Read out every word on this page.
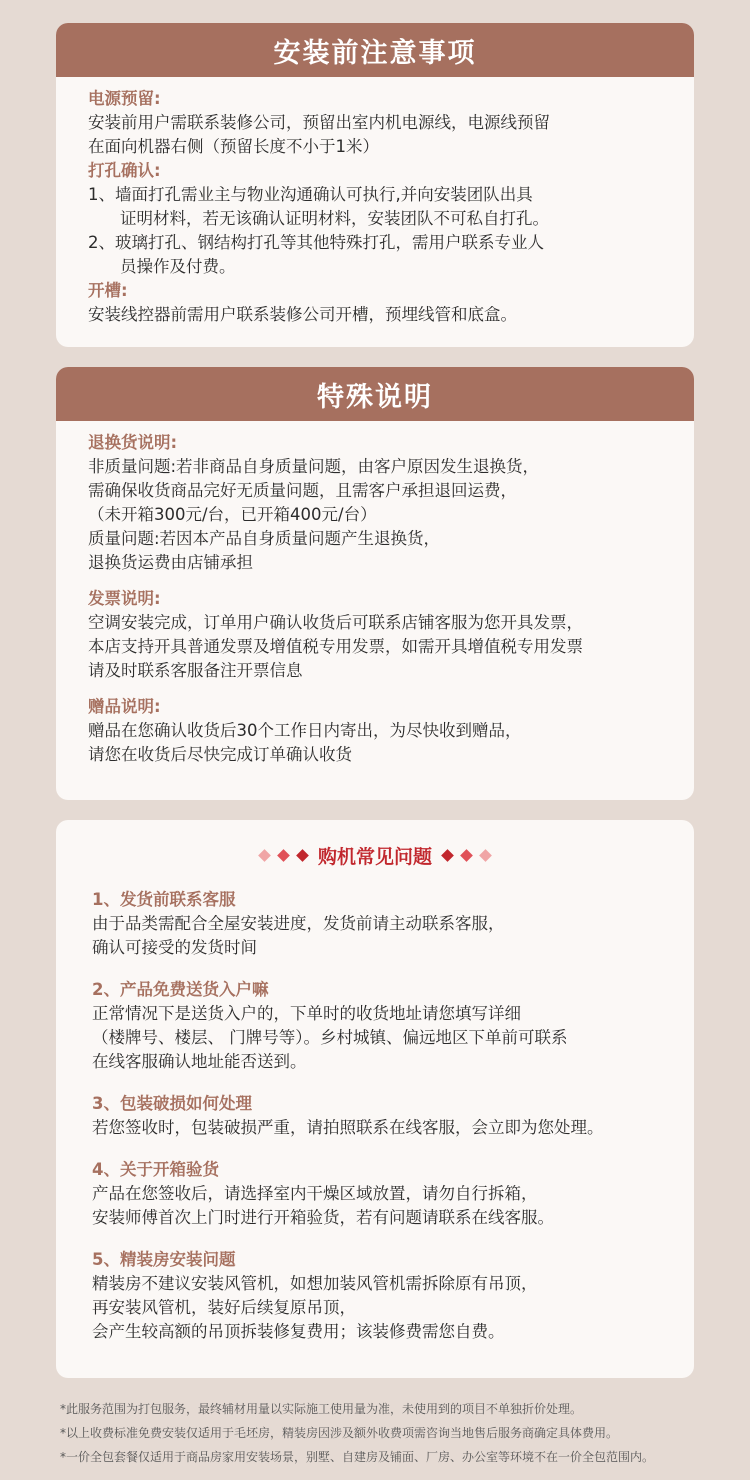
安装前注意事项
电源预留:
安装前用户需联系装修公司，预留出室内机电源线，电源线预留
在面向机器右侧（预留长度不小于1米）
打孔确认:
1、墙面打孔需业主与物业沟通确认可执行,并向安装团队出具
证明材料，若无该确认证明材料，安装团队不可私自打孔。
2、玻璃打孔、钢结构打孔等其他特殊打孔，需用户联系专业人
员操作及付费。
开槽:
安装线控器前需用户联系装修公司开槽，预埋线管和底盒。
特殊说明
退换货说明:
非质量问题:若非商品自身质量问题，由客户原因发生退换货，
需确保收货商品完好无质量问题，且需客户承担退回运费，
（未开箱300元/台，已开箱400元/台）
质量问题:若因本产品自身质量问题产生退换货，
退换货运费由店铺承担
发票说明:
空调安装完成，订单用户确认收货后可联系店铺客服为您开具发票，
本店支持开具普通发票及增值税专用发票，如需开具增值税专用发票
请及时联系客服备注开票信息
赠品说明:
赠品在您确认收货后30个工作日内寄出，为尽快收到赠品，
请您在收货后尽快完成订单确认收货
购机常见问题
1、发货前联系客服
由于品类需配合全屋安装进度，发货前请主动联系客服，
确认可接受的发货时间
2、产品免费送货入户嘛
正常情况下是送货入户的，下单时的收货地址请您填写详细
（楼牌号、楼层、 门牌号等）。乡村城镇、偏远地区下单前可联系
在线客服确认地址能否送到。
3、包装破损如何处理
若您签收时，包装破损严重，请拍照联系在线客服，会立即为您处理。
4、关于开箱验货
产品在您签收后，请选择室内干燥区域放置，请勿自行拆箱，
安装师傅首次上门时进行开箱验货，若有问题请联系在线客服。
5、精装房安装问题
精装房不建议安装风管机，如想加装风管机需拆除原有吊顶，
再安装风管机，装好后续复原吊顶，
会产生较高额的吊顶拆装修复费用；该装修费需您自费。
*此服务范围为打包服务，最终辅材用量以实际施工使用量为准，未使用到的项目不单独折价处理。
*以上收费标准免费安装仅适用于毛坯房，精装房因涉及额外收费项需咨询当地售后服务商确定具体费用。
*一价全包套餐仅适用于商品房家用安装场景，别墅、自建房及铺面、厂房、办公室等环境不在一价全包范围内。
